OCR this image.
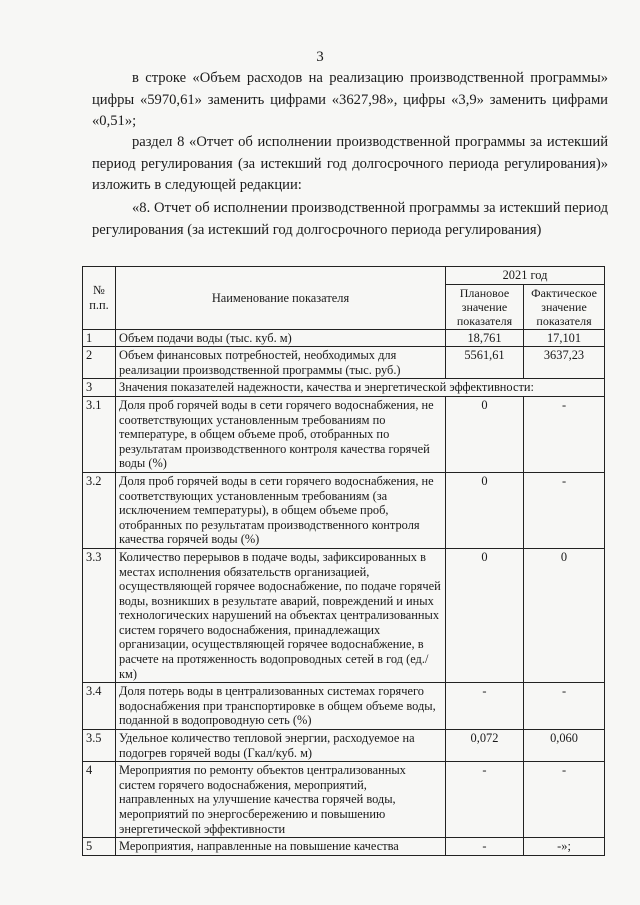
3

в строке «Объем расходов на реализацию производственной программы» цифры «5970,61» заменить цифрами «3627,98», цифры «3,9» заменить цифрами «0,51»;

раздел 8 «Отчет об исполнении производственной программы за истекший период регулирования (за истекший год долгосрочного периода регулирования)» изложить в следующей редакции:

«8. Отчет об исполнении производственной программы за истекший период регулирования (за истекший год долгосрочного периода регулирования)

№ п.п.	Наименование показателя	2021 год	
		Плановое значение показателя	Фактическое значение показателя
1	Объем подачи воды (тыс. куб. м)	18,761	17,101
2	Объем финансовых потребностей, необходимых для реализации производственной программы (тыс. руб.)	5561,61	3637,23
3	Значения показателей надежности, качества и энергетической эффективности:		
3.1	Доля проб горячей воды в сети горячего водоснабжения, не соответствующих установленным требованиям по температуре, в общем объеме проб, отобранных по результатам производственного контроля качества горячей воды (%)	0	-
3.2	Доля проб горячей воды в сети горячего водоснабжения, не соответствующих установленным требованиям (за исключением температуры), в общем объеме проб, отобранных по результатам производственного контроля качества горячей воды (%)	0	-
3.3	Количество перерывов в подаче воды, зафиксированных в местах исполнения обязательств организацией, осуществляющей горячее водоснабжение, по подаче горячей воды, возникших в результате аварий, повреждений и иных технологических нарушений на объектах централизованных систем горячего водоснабжения, принадлежащих организации, осуществляющей горячее водоснабжение, в расчете на протяженность водопроводных сетей в год (ед./км)	0	0
3.4	Доля потерь воды в централизованных системах горячего водоснабжения при транспортировке в общем объеме воды, поданной в водопроводную сеть (%)	-	-
3.5	Удельное количество тепловой энергии, расходуемое на подогрев горячей воды (Гкал/куб. м)	0,072	0,060
4	Мероприятия по ремонту объектов централизованных систем горячего водоснабжения, мероприятий, направленных на улучшение качества горячей воды, мероприятий по энергосбережению и повышению энергетической эффективности	-	-
5	Мероприятия, направленные на повышение качества	-	-»;
